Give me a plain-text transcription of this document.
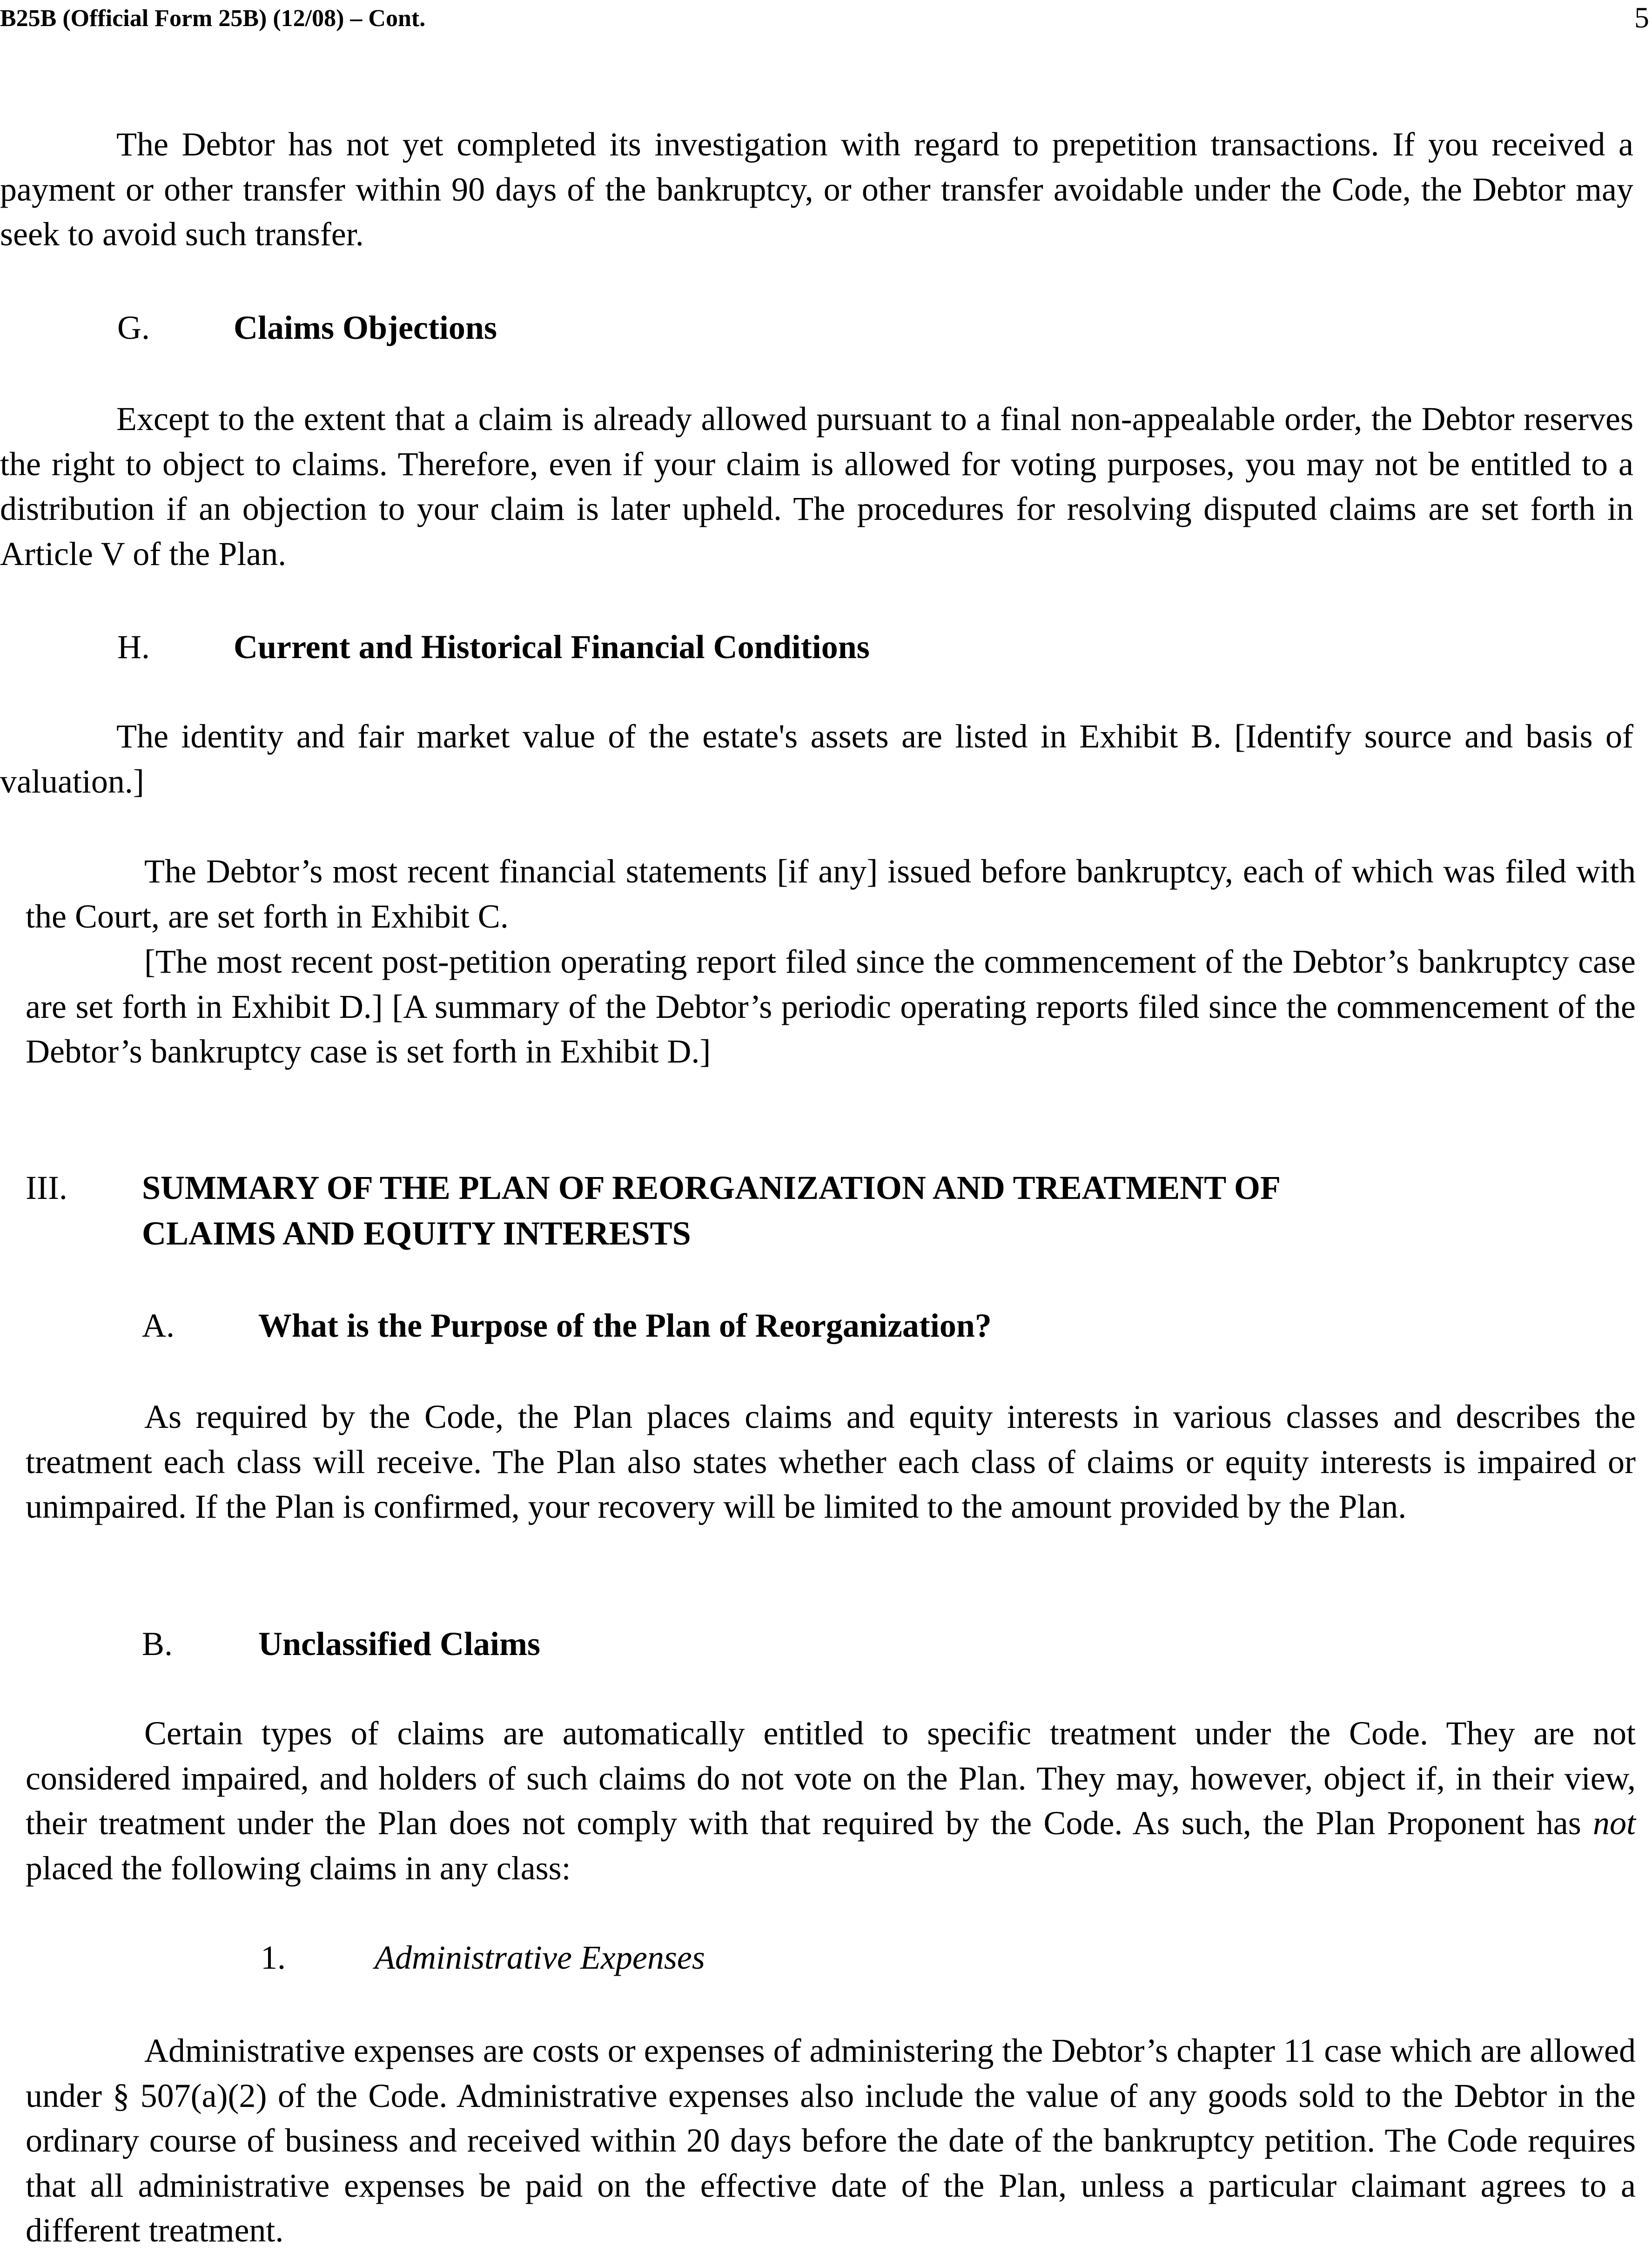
B25B (Official Form 25B) (12/08) – Cont.	5
The Debtor has not yet completed its investigation with regard to prepetition transactions. If you received a payment or other transfer within 90 days of the bankruptcy, or other transfer avoidable under the Code, the Debtor may seek to avoid such transfer.
G.	Claims Objections
Except to the extent that a claim is already allowed pursuant to a final non-appealable order, the Debtor reserves the right to object to claims. Therefore, even if your claim is allowed for voting purposes, you may not be entitled to a distribution if an objection to your claim is later upheld. The procedures for resolving disputed claims are set forth in Article V of the Plan.
H.	Current and Historical Financial Conditions
The identity and fair market value of the estate's assets are listed in Exhibit B. [Identify source and basis of valuation.]
The Debtor’s most recent financial statements [if any] issued before bankruptcy, each of which was filed with the Court, are set forth in Exhibit C.
[The most recent post-petition operating report filed since the commencement of the Debtor’s bankruptcy case are set forth in Exhibit D.] [A summary of the Debtor’s periodic operating reports filed since the commencement of the Debtor’s bankruptcy case is set forth in Exhibit D.]
III. SUMMARY OF THE PLAN OF REORGANIZATION AND TREATMENT OF
CLAIMS AND EQUITY INTERESTS
A.	What is the Purpose of the Plan of Reorganization?
As required by the Code, the Plan places claims and equity interests in various classes and describes the treatment each class will receive. The Plan also states whether each class of claims or equity interests is impaired or unimpaired. If the Plan is confirmed, your recovery will be limited to the amount provided by the Plan.
B.	Unclassified Claims
Certain types of claims are automatically entitled to specific treatment under the Code. They are not considered impaired, and holders of such claims do not vote on the Plan. They may, however, object if, in their view, their treatment under the Plan does not comply with that required by the Code. As such, the Plan Proponent has not placed the following claims in any class:
1.	Administrative Expenses
Administrative expenses are costs or expenses of administering the Debtor’s chapter 11 case which are allowed under § 507(a)(2) of the Code. Administrative expenses also include the value of any goods sold to the Debtor in the ordinary course of business and received within 20 days before the date of the bankruptcy petition. The Code requires that all administrative expenses be paid on the effective date of the Plan, unless a particular claimant agrees to a different treatment.
